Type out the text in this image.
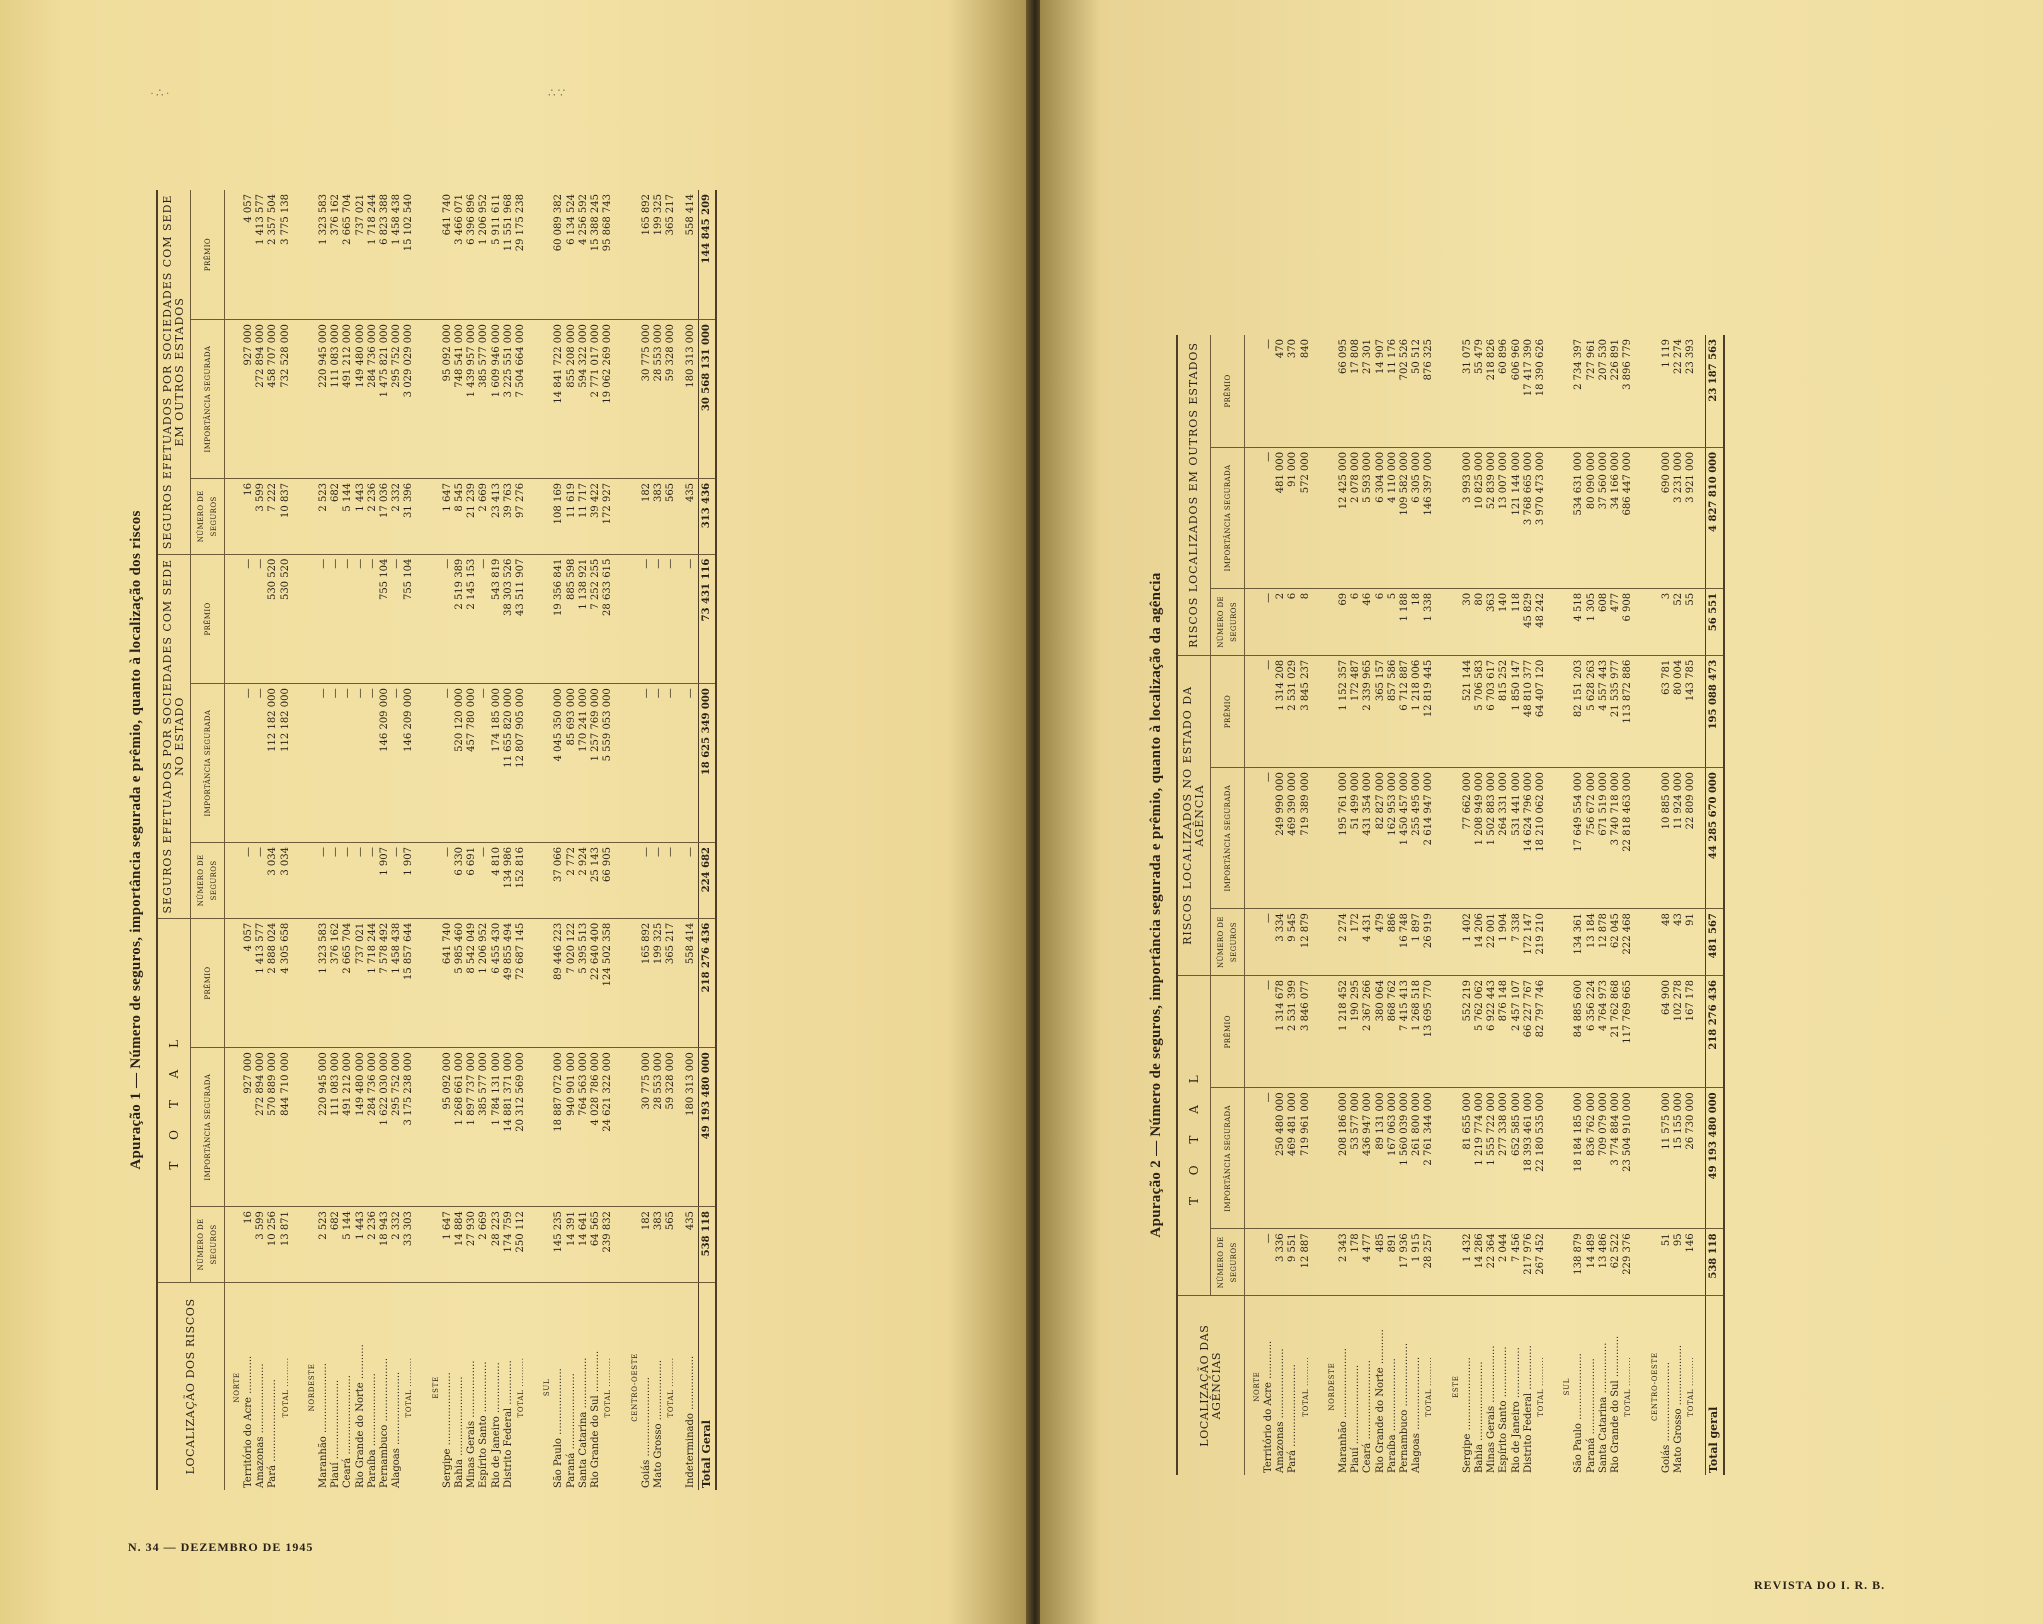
·∴·	∴∵
Apuração 1 — Número de seguros, importância segurada e prêmio, quanto à localização dos riscos
LOCALIZAÇÃO DOS RISCOS	T O T A L			SEGUROS EFETUADOS POR SOCIEDADES COM SEDE NO ESTADO			SEGUROS EFETUADOS POR SOCIEDADES COM SEDE EM OUTROS ESTADOS		
	NÚMERO DE SEGUROS	IMPORTÂNCIA SEGURADA	PRÊMIO	NÚMERO DE SEGUROS	IMPORTÂNCIA SEGURADA	PRÊMIO	NÚMERO DE SEGUROS	IMPORTÂNCIA SEGURADA	PRÊMIO
NORTE									
Território do Acre ............	16	927 000	4 057	—	—	—	16	927 000	4 057
Amazonas ......................	3 599	272 894 000	1 413 577	—	—	—	3 599	272 894 000	1 413 577
Pará ..........................	10 256	570 889 000	2 888 024	3 034	112 182 000	530 520	7 222	458 707 000	2 357 504
TOTAL ..........	13 871	844 710 000	4 305 658	3 034	112 182 000	530 520	10 837	732 528 000	3 775 138
NORDESTE									
Maranhão ......................	2 523	220 945 000	1 323 583	—	—	—	2 523	220 945 000	1 323 583
Piauí .........................	682	111 083 000	376 162	—	—	—	682	111 083 000	376 162
Ceará .........................	5 144	491 212 000	2 665 704	—	—	—	5 144	491 212 000	2 665 704
Rio Grande do Norte ...........	1 443	149 480 000	737 021	—	—	—	1 443	149 480 000	737 021
Paraíba .......................	2 236	284 736 000	1 718 244	—	—	—	2 236	284 736 000	1 718 244
Pernambuco ....................	18 943	1 622 030 000	7 578 492	1 907	146 209 000	755 104	17 036	1 475 821 000	6 823 388
Alagoas .......................	2 332	295 752 000	1 458 438	—	—	—	2 332	295 752 000	1 458 438
TOTAL ..........	33 303	3 175 238 000	15 857 644	1 907	146 209 000	755 104	31 396	3 029 029 000	15 102 540
ESTE									
Sergipe .......................	1 647	95 092 000	641 740	—	—	—	1 647	95 092 000	641 740
Bahia .........................	14 884	1 268 661 000	5 985 460	6 330	520 120 000	2 519 389	8 545	748 541 000	3 466 071
Minas Gerais ..................	27 930	1 897 737 000	8 542 049	6 691	457 780 000	2 145 153	21 239	1 439 957 000	6 396 896
Espírito Santo ................	2 669	385 577 000	1 206 952	—	—	—	2 669	385 577 000	1 206 952
Rio de Janeiro ................	28 223	1 784 131 000	6 455 430	4 810	174 185 000	543 819	23 413	1 609 946 000	5 911 611
Distrito Federal ..............	174 759	14 881 371 000	49 855 494	134 986	11 655 820 000	38 303 526	39 763	3 225 551 000	11 551 968
TOTAL ..........	250 112	20 312 569 000	72 687 145	152 816	12 807 905 000	43 511 907	97 276	7 504 664 000	29 175 238
SUL									
São Paulo .....................	145 235	18 887 072 000	89 446 223	37 066	4 045 350 000	19 356 841	108 169	14 841 722 000	60 089 382
Paraná ........................	14 391	940 901 000	7 020 122	2 772	85 693 000	885 598	11 619	855 208 000	6 134 524
Santa Catarina ................	14 641	764 563 000	5 395 513	2 924	170 241 000	1 138 921	11 717	594 322 000	4 256 592
Rio Grande do Sul .............	64 565	4 028 786 000	22 640 400	25 143	1 257 769 000	7 252 255	39 422	2 771 017 000	15 388 245
TOTAL ..........	239 832	24 621 322 000	124 502 358	66 905	5 559 053 000	28 633 615	172 927	19 062 269 000	95 868 743
CENTRO-OESTE									
Goiás .........................	182	30 775 000	165 892	—	—	—	182	30 775 000	165 892
Mato Grosso ...................	383	28 553 000	199 325	—	—	—	383	28 553 000	199 325
TOTAL ..........	565	59 328 000	365 217	—	—	—	565	59 328 000	365 217
Indeterminado .................	435	180 313 000	558 414	—	—	—	435	180 313 000	558 414
Total Geral	538 118	49 193 480 000	218 276 436	224 682	18 625 349 000	73 431 116	313 436	30 568 131 000	144 845 209
N. 34 — DEZEMBRO DE 1945
Apuração 2 — Número de seguros, importância segurada e prêmio, quanto à localização da agência
LOCALIZAÇÃO DAS AGÊNCIAS	T O T A L			RISCOS LOCALIZADOS NO ESTADO DA AGÊNCIA			RISCOS LOCALIZADOS EM OUTROS ESTADOS		
	NÚMERO DE SEGUROS	IMPORTÂNCIA SEGURADA	PRÊMIO	NÚMERO DE SEGUROS	IMPORTÂNCIA SEGURADA	PRÊMIO	NÚMERO DE SEGUROS	IMPORTÂNCIA SEGURADA	PRÊMIO
NORTE									
Território do Acre ............	—	—	—	—	—	—	—	—	—
Amazonas ......................	3 336	250 480 000	1 314 678	3 334	249 990 000	1 314 208	2	481 000	470
Pará ..........................	9 551	469 481 000	2 531 399	9 545	469 390 000	2 531 029	6	91 000	370
TOTAL ..........	12 887	719 961 000	3 846 077	12 879	719 389 000	3 845 237	8	572 000	840
NORDESTE									
Maranhão ......................	2 343	208 186 000	1 218 452	2 274	195 761 000	1 152 357	69	12 425 000	66 095
Piauí .........................	178	53 577 000	190 295	172	51 499 000	172 487	6	2 078 000	17 808
Ceará .........................	4 477	436 947 000	2 367 266	4 431	431 354 000	2 339 965	46	5 593 000	27 301
Rio Grande do Norte ...........	485	89 131 000	380 064	479	82 827 000	365 157	6	6 304 000	14 907
Paraíba .......................	891	167 063 000	868 762	886	162 953 000	857 586	5	4 110 000	11 176
Pernambuco ....................	17 936	1 560 039 000	7 415 413	16 748	1 450 457 000	6 712 887	1 188	109 582 000	702 526
Alagoas .......................	1 915	261 800 000	1 268 518	1 897	255 495 000	1 218 006	18	6 305 000	50 512
TOTAL ..........	28 257	2 761 344 000	13 695 770	26 919	2 614 947 000	12 819 445	1 338	146 397 000	876 325
ESTE									
Sergipe .......................	1 432	81 655 000	552 219	1 402	77 662 000	521 144	30	3 993 000	31 075
Bahia .........................	14 286	1 219 774 000	5 762 062	14 206	1 208 949 000	5 706 583	80	10 825 000	55 479
Minas Gerais ..................	22 364	1 555 722 000	6 922 443	22 001	1 502 883 000	6 703 617	363	52 839 000	218 826
Espírito Santo ................	2 044	277 338 000	876 148	1 904	264 331 000	815 252	140	13 007 000	60 896
Rio de Janeiro ................	7 456	652 585 000	2 457 107	7 338	531 441 000	1 850 147	118	121 144 000	606 960
Distrito Federal ..............	217 976	18 393 461 000	66 227 767	172 147	14 624 796 000	48 810 377	45 829	3 768 665 000	17 417 390
TOTAL ..........	267 452	22 180 535 000	82 797 746	219 210	18 210 062 000	64 407 120	48 242	3 970 473 000	18 390 626
SUL									
São Paulo .....................	138 879	18 184 185 000	84 885 600	134 361	17 649 554 000	82 151 203	4 518	534 631 000	2 734 397
Paraná ........................	14 489	836 762 000	6 356 224	13 184	756 672 000	5 628 263	1 305	80 090 000	727 961
Santa Catarina ................	13 486	709 079 000	4 764 973	12 878	671 519 000	4 557 443	608	37 560 000	207 530
Rio Grande do Sul .............	62 522	3 774 884 000	21 762 868	62 045	3 740 718 000	21 535 977	477	34 166 000	226 891
TOTAL ..........	229 376	23 504 910 000	117 769 665	222 468	22 818 463 000	113 872 886	6 908	686 447 000	3 896 779
CENTRO-OESTE									
Goiás .........................	51	11 575 000	64 900	48	10 885 000	63 781	3	690 000	1 119
Mato Grosso ...................	95	15 155 000	102 278	43	11 924 000	80 004	52	3 231 000	22 274
TOTAL ..........	146	26 730 000	167 178	91	22 809 000	143 785	55	3 921 000	23 393
Total geral	538 118	49 193 480 000	218 276 436	481 567	44 285 670 000	195 088 473	56 551	4 827 810 000	23 187 563
REVISTA DO I. R. B.
